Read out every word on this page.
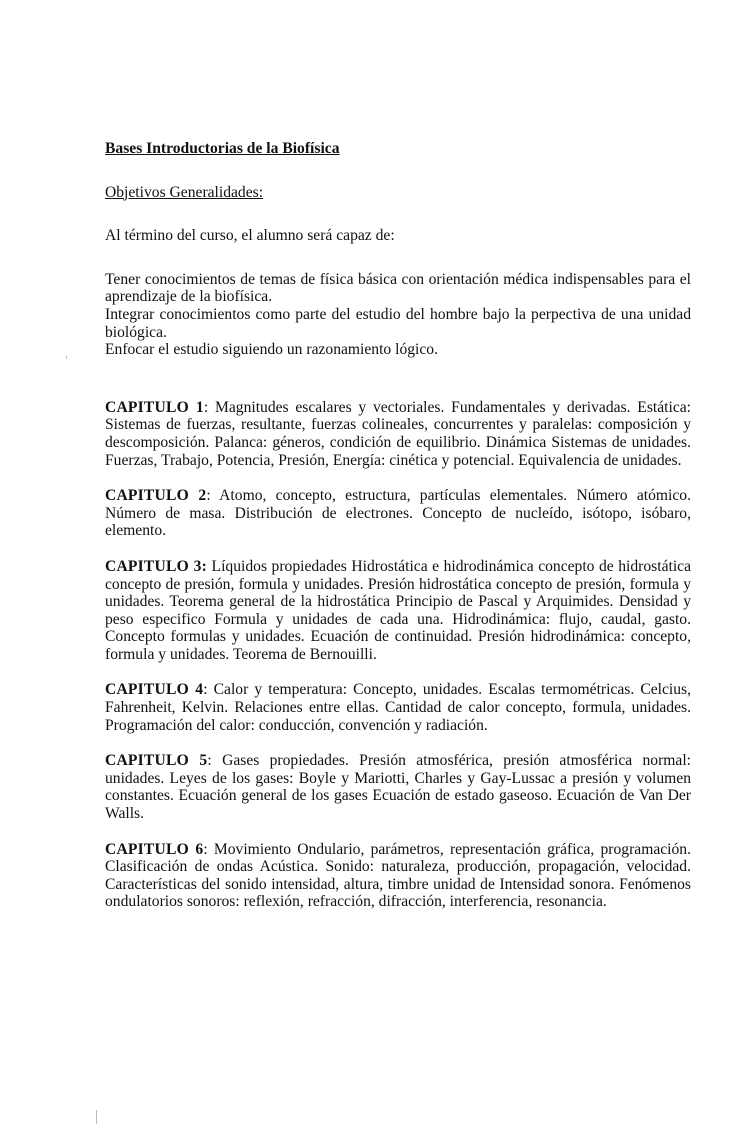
Bases Introductorias de la Biofísica

Objetivos Generalidades:

Al término del curso, el alumno será capaz de:

Tener conocimientos de temas de física básica con orientación médica indispensables para el aprendizaje de la biofísica.

Integrar conocimientos como parte del estudio del hombre bajo la perpectiva de una unidad biológica.

Enfocar el estudio siguiendo un razonamiento lógico.

CAPITULO 1: Magnitudes escalares y vectoriales. Fundamentales y derivadas. Estática: Sistemas de fuerzas, resultante, fuerzas colineales, concurrentes y paralelas: composición y descomposición. Palanca: géneros, condición de equilibrio. Dinámica Sistemas de unidades. Fuerzas, Trabajo, Potencia, Presión, Energía: cinética y potencial. Equivalencia de unidades.

CAPITULO 2: Atomo, concepto, estructura, partículas elementales. Número atómico. Número de masa. Distribución de electrones. Concepto de nucleído, isótopo, isóbaro, elemento.

CAPITULO 3: Líquidos propiedades Hidrostática e hidrodinámica concepto de hidrostática concepto de presión, formula y unidades. Presión hidrostática concepto de presión, formula y unidades. Teorema general de la hidrostática Principio de Pascal y Arquimides. Densidad y peso especifico Formula y unidades de cada una. Hidrodinámica: flujo, caudal, gasto. Concepto formulas y unidades. Ecuación de continuidad. Presión hidrodinámica: concepto, formula y unidades. Teorema de Bernouilli.

CAPITULO 4: Calor y temperatura: Concepto, unidades. Escalas termométricas. Celcius, Fahrenheit, Kelvin. Relaciones entre ellas. Cantidad de calor concepto, formula, unidades. Programación del calor: conducción, convención y radiación.

CAPITULO 5: Gases propiedades. Presión atmosférica, presión atmosférica normal: unidades. Leyes de los gases: Boyle y Mariotti, Charles y Gay-Lussac a presión y volumen constantes. Ecuación general de los gases Ecuación de estado gaseoso. Ecuación de Van Der Walls.

CAPITULO 6: Movimiento Ondulario, parámetros, representación gráfica, programación. Clasificación de ondas Acústica. Sonido: naturaleza, producción, propagación, velocidad. Características del sonido intensidad, altura, timbre unidad de Intensidad sonora. Fenómenos ondulatorios sonoros: reflexión, refracción, difracción, interferencia, resonancia.
